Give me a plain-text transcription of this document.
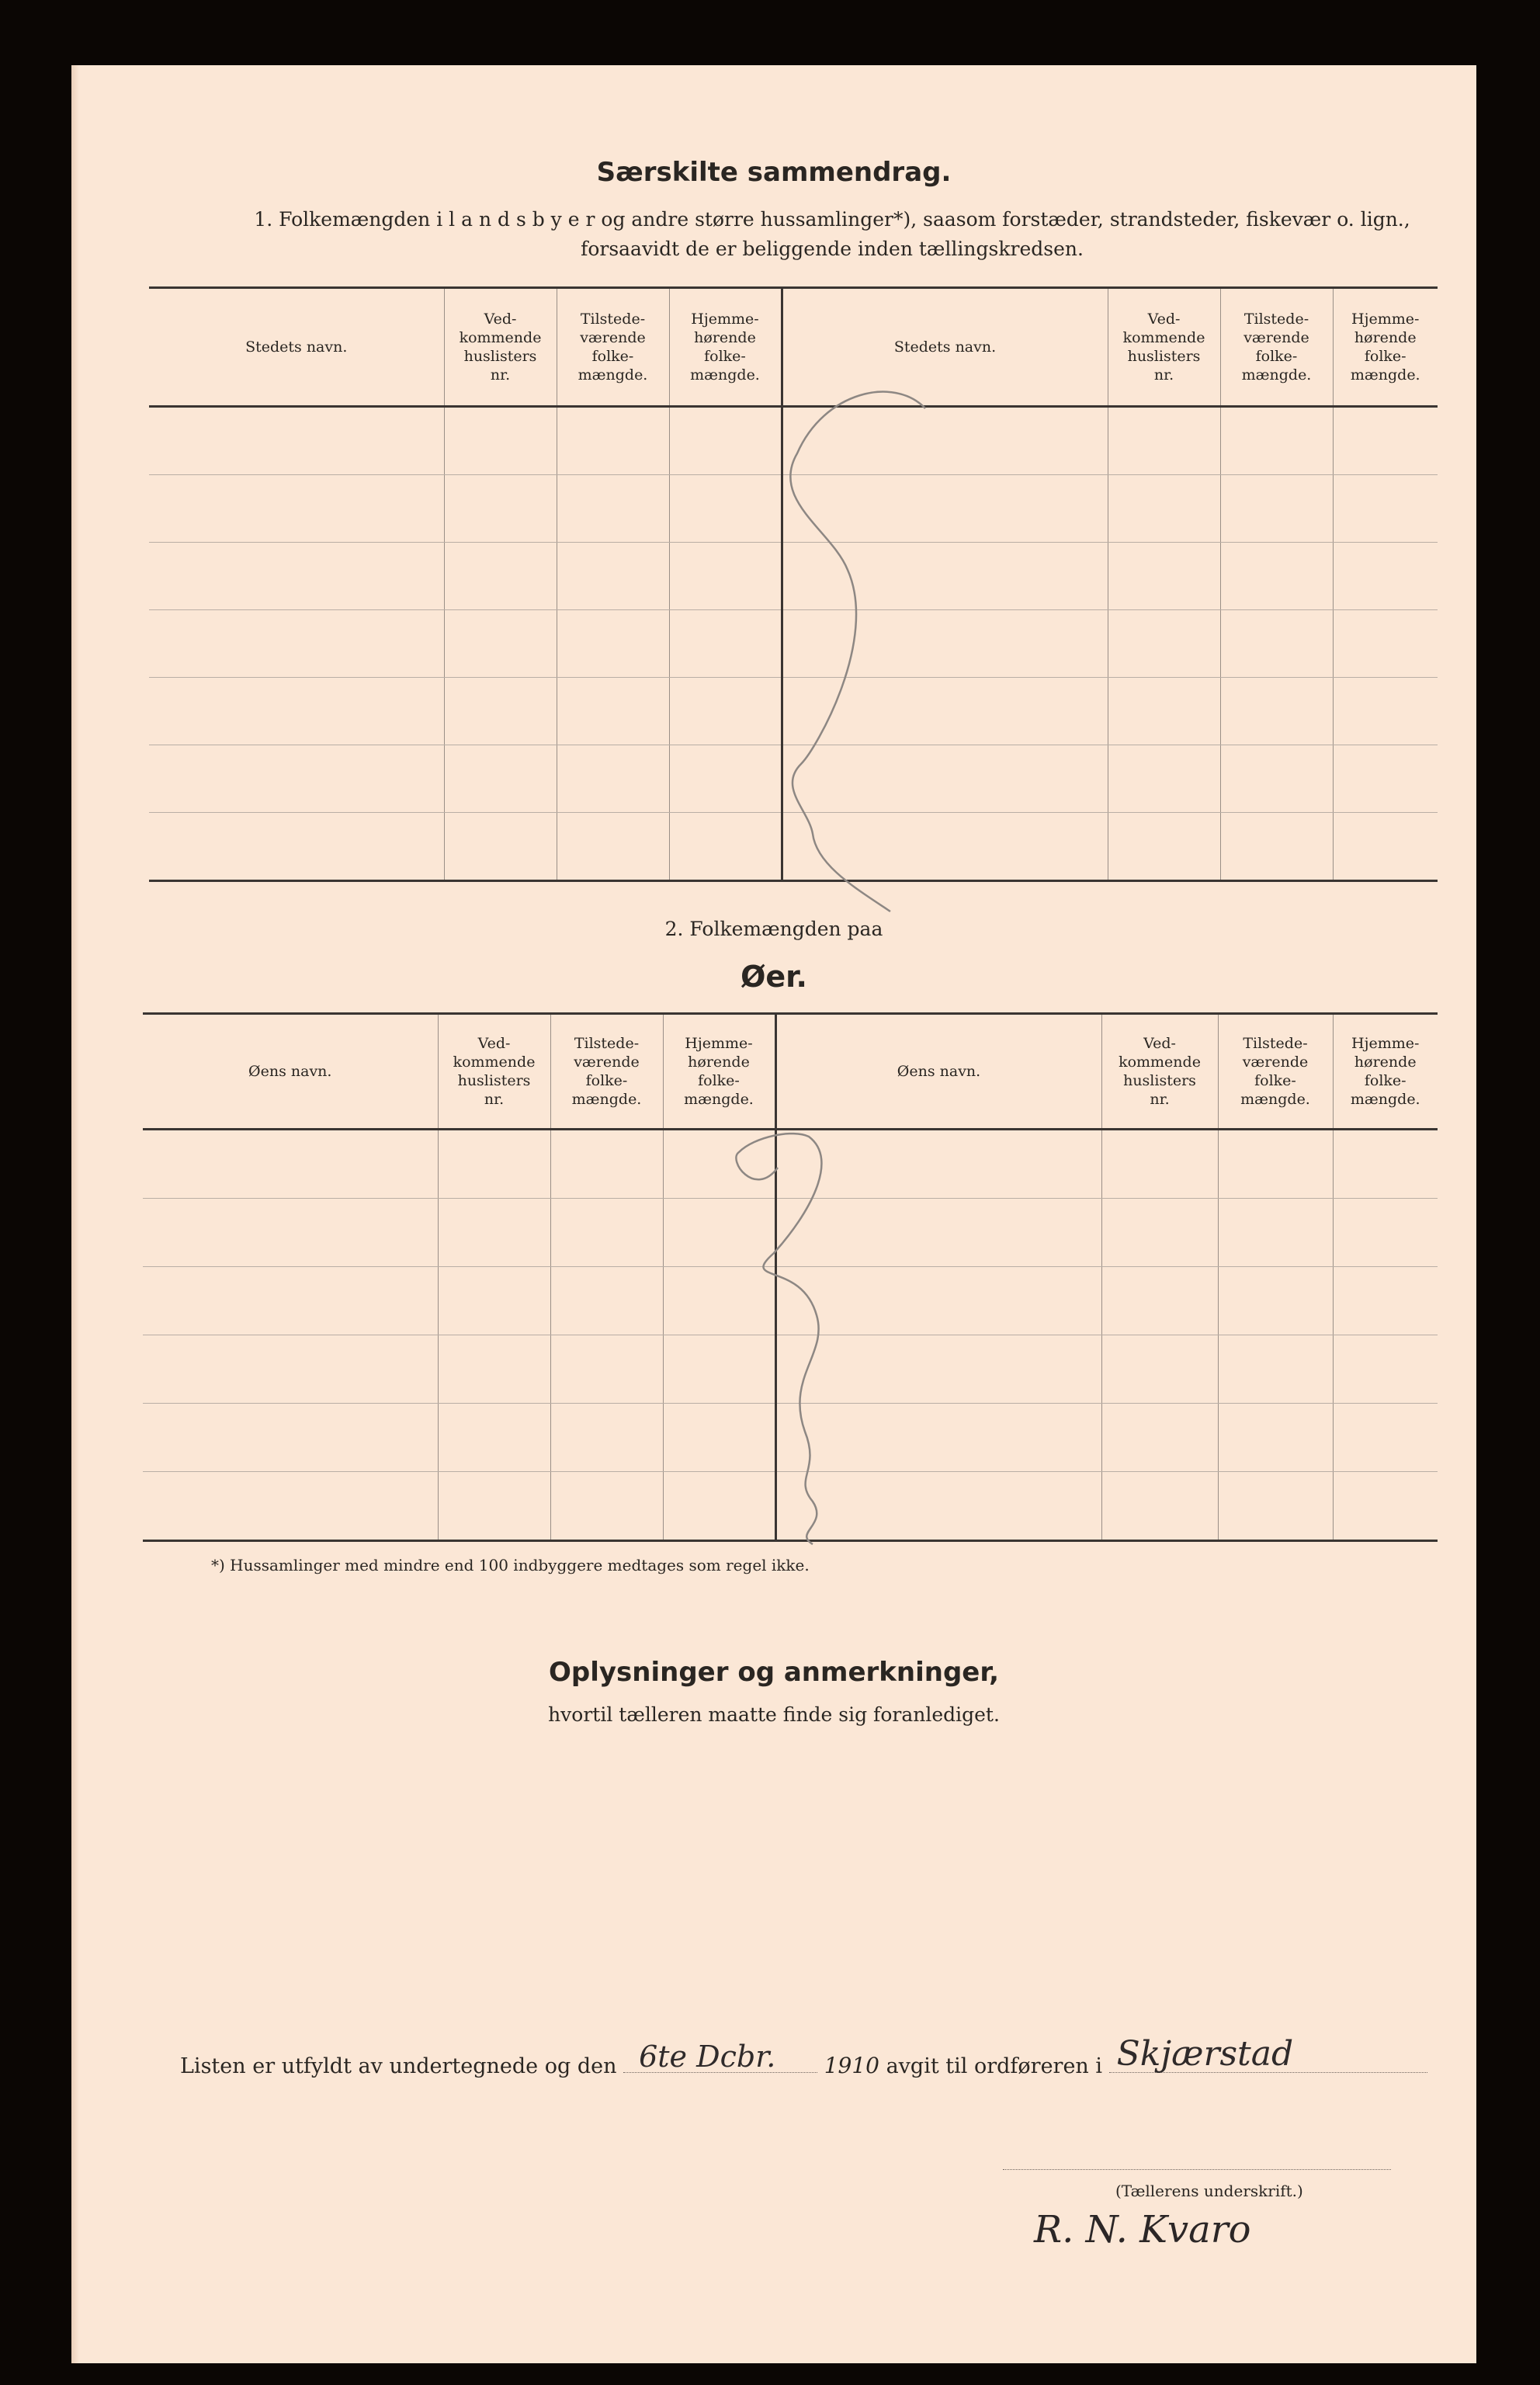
Særskilte sammendrag.
1. Folkemængden i l a n d s b y e r og andre større hussamlinger*), saasom forstæder, strandsteder, fiskevær o. lign.,
forsaavidt de er beliggende inden tællingskredsen.
Stedets navn.	Ved-
kommende
huslisters
nr.	Tilstede-
værende
folke-
mængde.	Hjemme-
hørende
folke-
mængde.	Stedets navn.	Ved-
kommende
huslisters
nr.	Tilstede-
værende
folke-
mængde.	Hjemme-
hørende
folke-
mængde.

2. Folkemængden paa
Øer.
Øens navn.	Ved-
kommende
huslisters
nr.	Tilstede-
værende
folke-
mængde.	Hjemme-
hørende
folke-
mængde.	Øens navn.	Ved-
kommende
huslisters
nr.	Tilstede-
værende
folke-
mængde.	Hjemme-
hørende
folke-
mængde.

*) Hussamlinger med mindre end 100 indbyggere medtages som regel ikke.
Oplysninger og anmerkninger,
hvortil tælleren maatte finde sig foranlediget.
Listen er utfyldt av undertegnede og den 6te Dcbr. 1910 avgit til ordføreren i Skjærstad
(Tællerens underskrift.)
R. N. Kvaro
